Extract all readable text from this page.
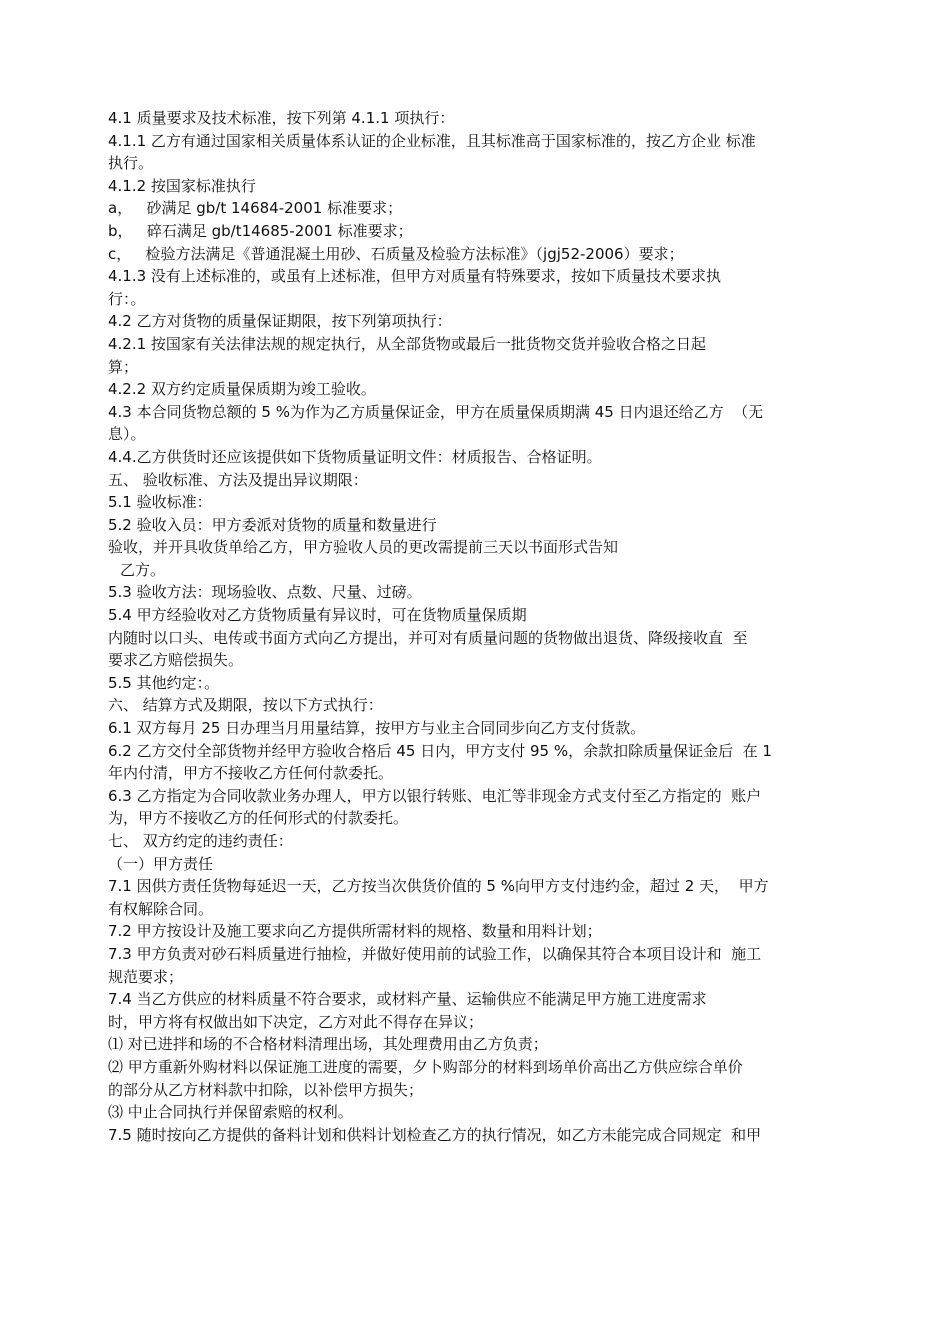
4.1 质量要求及技术标准，按下列第 4.1.1 项执行：
4.1.1 乙方有通过国家相关质量体系认证的企业标准，且其标准高于国家标准的，按乙方企业 标准
执行。
4.1.2 按国家标准执行
a，   砂满足 gb/t 14684-2001 标准要求；
b，   碎石满足 gb/t14685-2001 标准要求；
c，   检验方法满足《普通混凝土用砂、石质量及检验方法标准》（jgj52-2006）要求；
4.1.3 没有上述标准的，或虽有上述标准，但甲方对质量有特殊要求，按如下质量技术要求执
行：。
4.2 乙方对货物的质量保证期限，按下列第项执行：
4.2.1 按国家有关法律法规的规定执行，从全部货物或最后一批货物交货并验收合格之日起
算；
4.2.2 双方约定质量保质期为竣工验收。
4.3 本合同货物总额的 5 %为作为乙方质量保证金，甲方在质量保质期满 45 日内退还给乙方  （无
息）。
4.4.乙方供货时还应该提供如下货物质量证明文件：材质报告、合格证明。
五、 验收标准、方法及提出异议期限：
5.1 验收标准：
5.2 验收入员：甲方委派对货物的质量和数量进行
验收，并开具收货单给乙方，甲方验收人员的更改需提前三天以书面形式告知
乙方。
5.3 验收方法：现场验收、点数、尺量、过磅。
5.4 甲方经验收对乙方货物质量有异议时，可在货物质量保质期
内随时以口头、电传或书面方式向乙方提出，并可对有质量问题的货物做出退货、降级接收直  至
要求乙方赔偿损失。
5.5 其他约定：。
六、 结算方式及期限，按以下方式执行：
6.1 双方每月 25 日办理当月用量结算，按甲方与业主合同同步向乙方支付货款。
6.2 乙方交付全部货物并经甲方验收合格后 45 日内，甲方支付 95 %，余款扣除质量保证金后  在 1
年内付清，甲方不接收乙方任何付款委托。
6.3 乙方指定为合同收款业务办理人，甲方以银行转账、电汇等非现金方式支付至乙方指定的  账户
为，甲方不接收乙方的任何形式的付款委托。
七、 双方约定的违约责任：
（一）甲方责任
7.1 因供方责任货物每延迟一天，乙方按当次供货价值的 5 %向甲方支付违约金，超过 2 天，  甲方
有权解除合同。
7.2 甲方按设计及施工要求向乙方提供所需材料的规格、数量和用料计划；
7.3 甲方负责对砂石料质量进行抽检，并做好使用前的试验工作，以确保其符合本项目设计和  施工
规范要求；
7.4 当乙方供应的材料质量不符合要求，或材料产量、运输供应不能满足甲方施工进度需求
时，甲方将有权做出如下决定，乙方对此不得存在异议；
⑴ 对已进拌和场的不合格材料清理出场，其处理费用由乙方负责；
⑵ 甲方重新外购材料以保证施工进度的需要，夕卜购部分的材料到场单价高出乙方供应综合单价
的部分从乙方材料款中扣除，以补偿甲方损失；
⑶ 中止合同执行并保留索赔的权利。
7.5 随时按向乙方提供的备料计划和供料计划检查乙方的执行情况，如乙方未能完成合同规定  和甲
